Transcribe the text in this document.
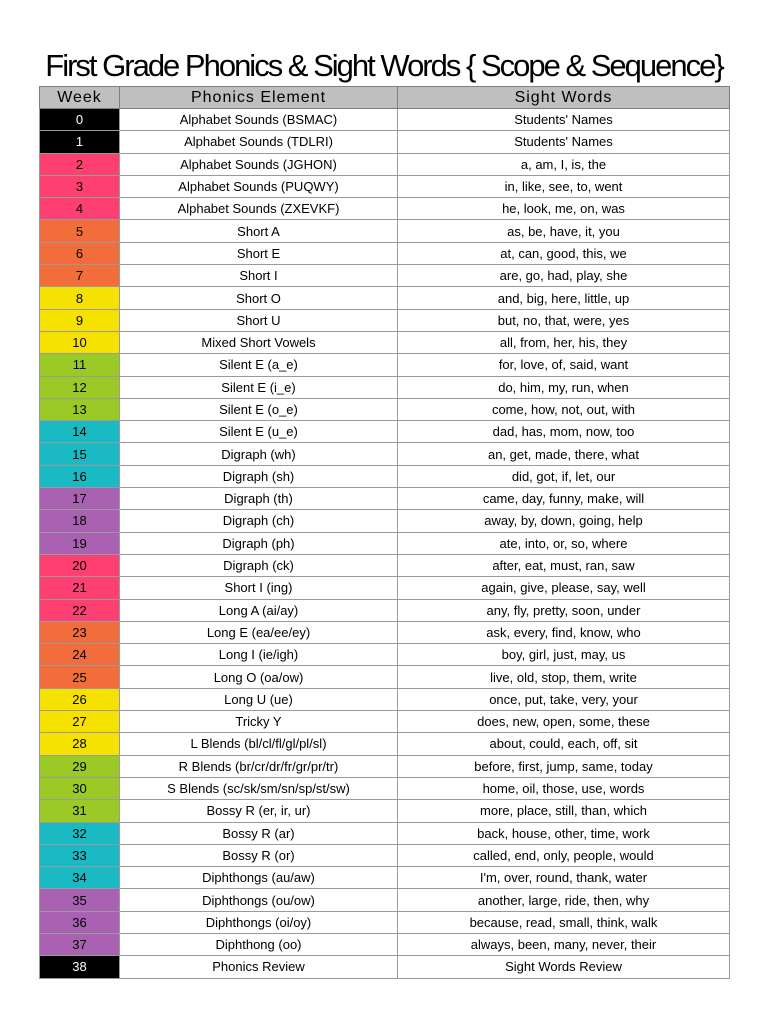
First Grade Phonics & Sight Words { Scope & Sequence}
Week	Phonics Element	Sight Words
0	Alphabet Sounds (BSMAC)	Students' Names
1	Alphabet Sounds (TDLRI)	Students' Names
2	Alphabet Sounds (JGHON)	a, am, I, is, the
3	Alphabet Sounds (PUQWY)	in, like, see, to, went
4	Alphabet Sounds (ZXEVKF)	he, look, me, on, was
5	Short A	as, be, have, it, you
6	Short E	at, can, good, this, we
7	Short I	are, go, had, play, she
8	Short O	and, big, here, little, up
9	Short U	but, no, that, were, yes
10	Mixed Short Vowels	all, from, her, his, they
11	Silent E (a_e)	for, love, of, said, want
12	Silent E (i_e)	do, him, my, run, when
13	Silent E (o_e)	come, how, not, out, with
14	Silent E (u_e)	dad, has, mom, now, too
15	Digraph (wh)	an, get, made, there, what
16	Digraph (sh)	did, got, if, let, our
17	Digraph (th)	came, day, funny, make, will
18	Digraph (ch)	away, by, down, going, help
19	Digraph (ph)	ate, into, or, so, where
20	Digraph (ck)	after, eat, must, ran, saw
21	Short I (ing)	again, give, please, say, well
22	Long A (ai/ay)	any, fly, pretty, soon, under
23	Long E (ea/ee/ey)	ask, every, find, know, who
24	Long I (ie/igh)	boy, girl, just, may, us
25	Long O (oa/ow)	live, old, stop, them, write
26	Long U (ue)	once, put, take, very, your
27	Tricky Y	does, new, open, some, these
28	L Blends (bl/cl/fl/gl/pl/sl)	about, could, each, off, sit
29	R Blends (br/cr/dr/fr/gr/pr/tr)	before, first, jump, same, today
30	S Blends (sc/sk/sm/sn/sp/st/sw)	home, oil, those, use, words
31	Bossy R (er, ir, ur)	more, place, still, than, which
32	Bossy R (ar)	back, house, other, time, work
33	Bossy R (or)	called, end, only, people, would
34	Diphthongs (au/aw)	I'm, over, round, thank, water
35	Diphthongs (ou/ow)	another, large, ride, then, why
36	Diphthongs (oi/oy)	because, read, small, think, walk
37	Diphthong (oo)	always, been, many, never, their
38	Phonics Review	Sight Words Review
